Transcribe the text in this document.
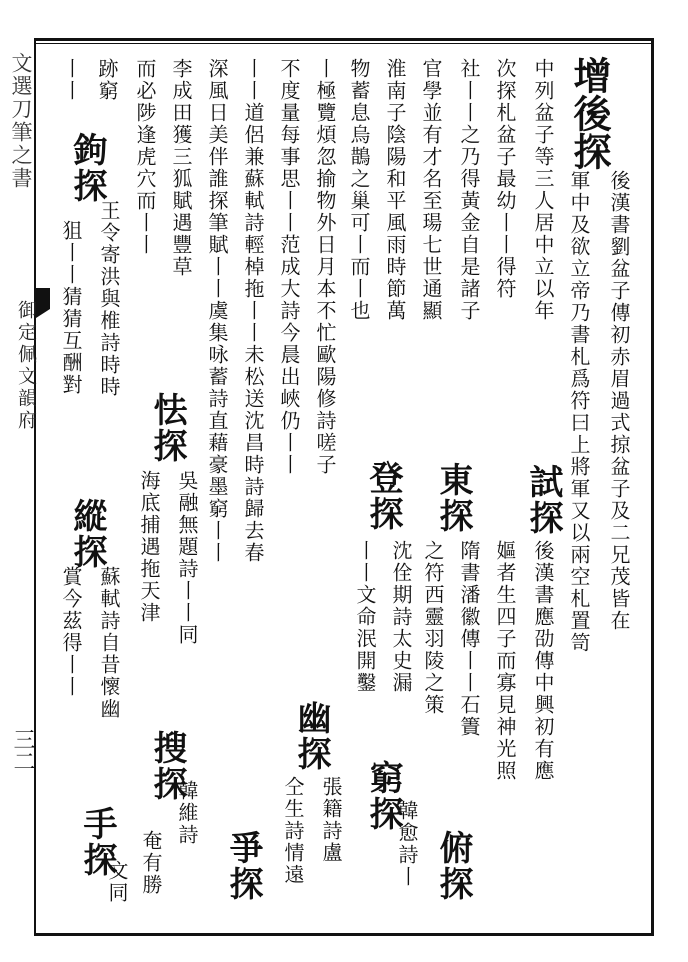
文選刀筆之書
御定佩文韻府
三二
增後探
後漢書劉盆子傳初赤眉過式掠盆子及二兄茂皆在
中列盆子等三人居中立以年 軍中及欲立帝乃書札爲符曰上將軍又以兩空札置笥
次探札盆子最幼丨丨得符
試探
後漢書應劭傳中興初有應
社丨丨之乃得黃金自是諸子
嫗者生四子而寡見神光照
官學並有才名至瑒七世通顯
東探
隋書潘徽傳丨丨石簀
淮南子陰陽和平風雨時節萬
之符西靈羽陵之策
俯探
物蓄息烏鵲之巢可丨而丨也
登探
沈佺期詩太史漏
丨丨文命泯開鑿
窮探
韓愈詩丨
丨極覽煩忽揄物外日月本不忙歐陽修詩嗟子
不度量每事思丨丨范成大詩今晨出峽仍丨丨
幽探
張籍詩盧
仝生詩情遠
丨丨道侶兼蘇軾詩輕棹拖丨丨未松送沈昌時詩歸去春
深風日美伴誰探筆賦丨丨虞集咏蓄詩直藉豪墨窮丨丨
爭探
李成田獲三狐賦遇豐草
怯探
吳融無題詩丨丨同
而必陟逢虎穴而丨丨
海底捕遇拖天津
搜探
韓維詩
奄有勝
跡窮
鉤探
王令寄洪與椎詩時時
縱探
蘇軾詩自昔懷幽
丨丨
狙丨丨猜猜互酬對
賞今茲得丨丨
手探
文同
